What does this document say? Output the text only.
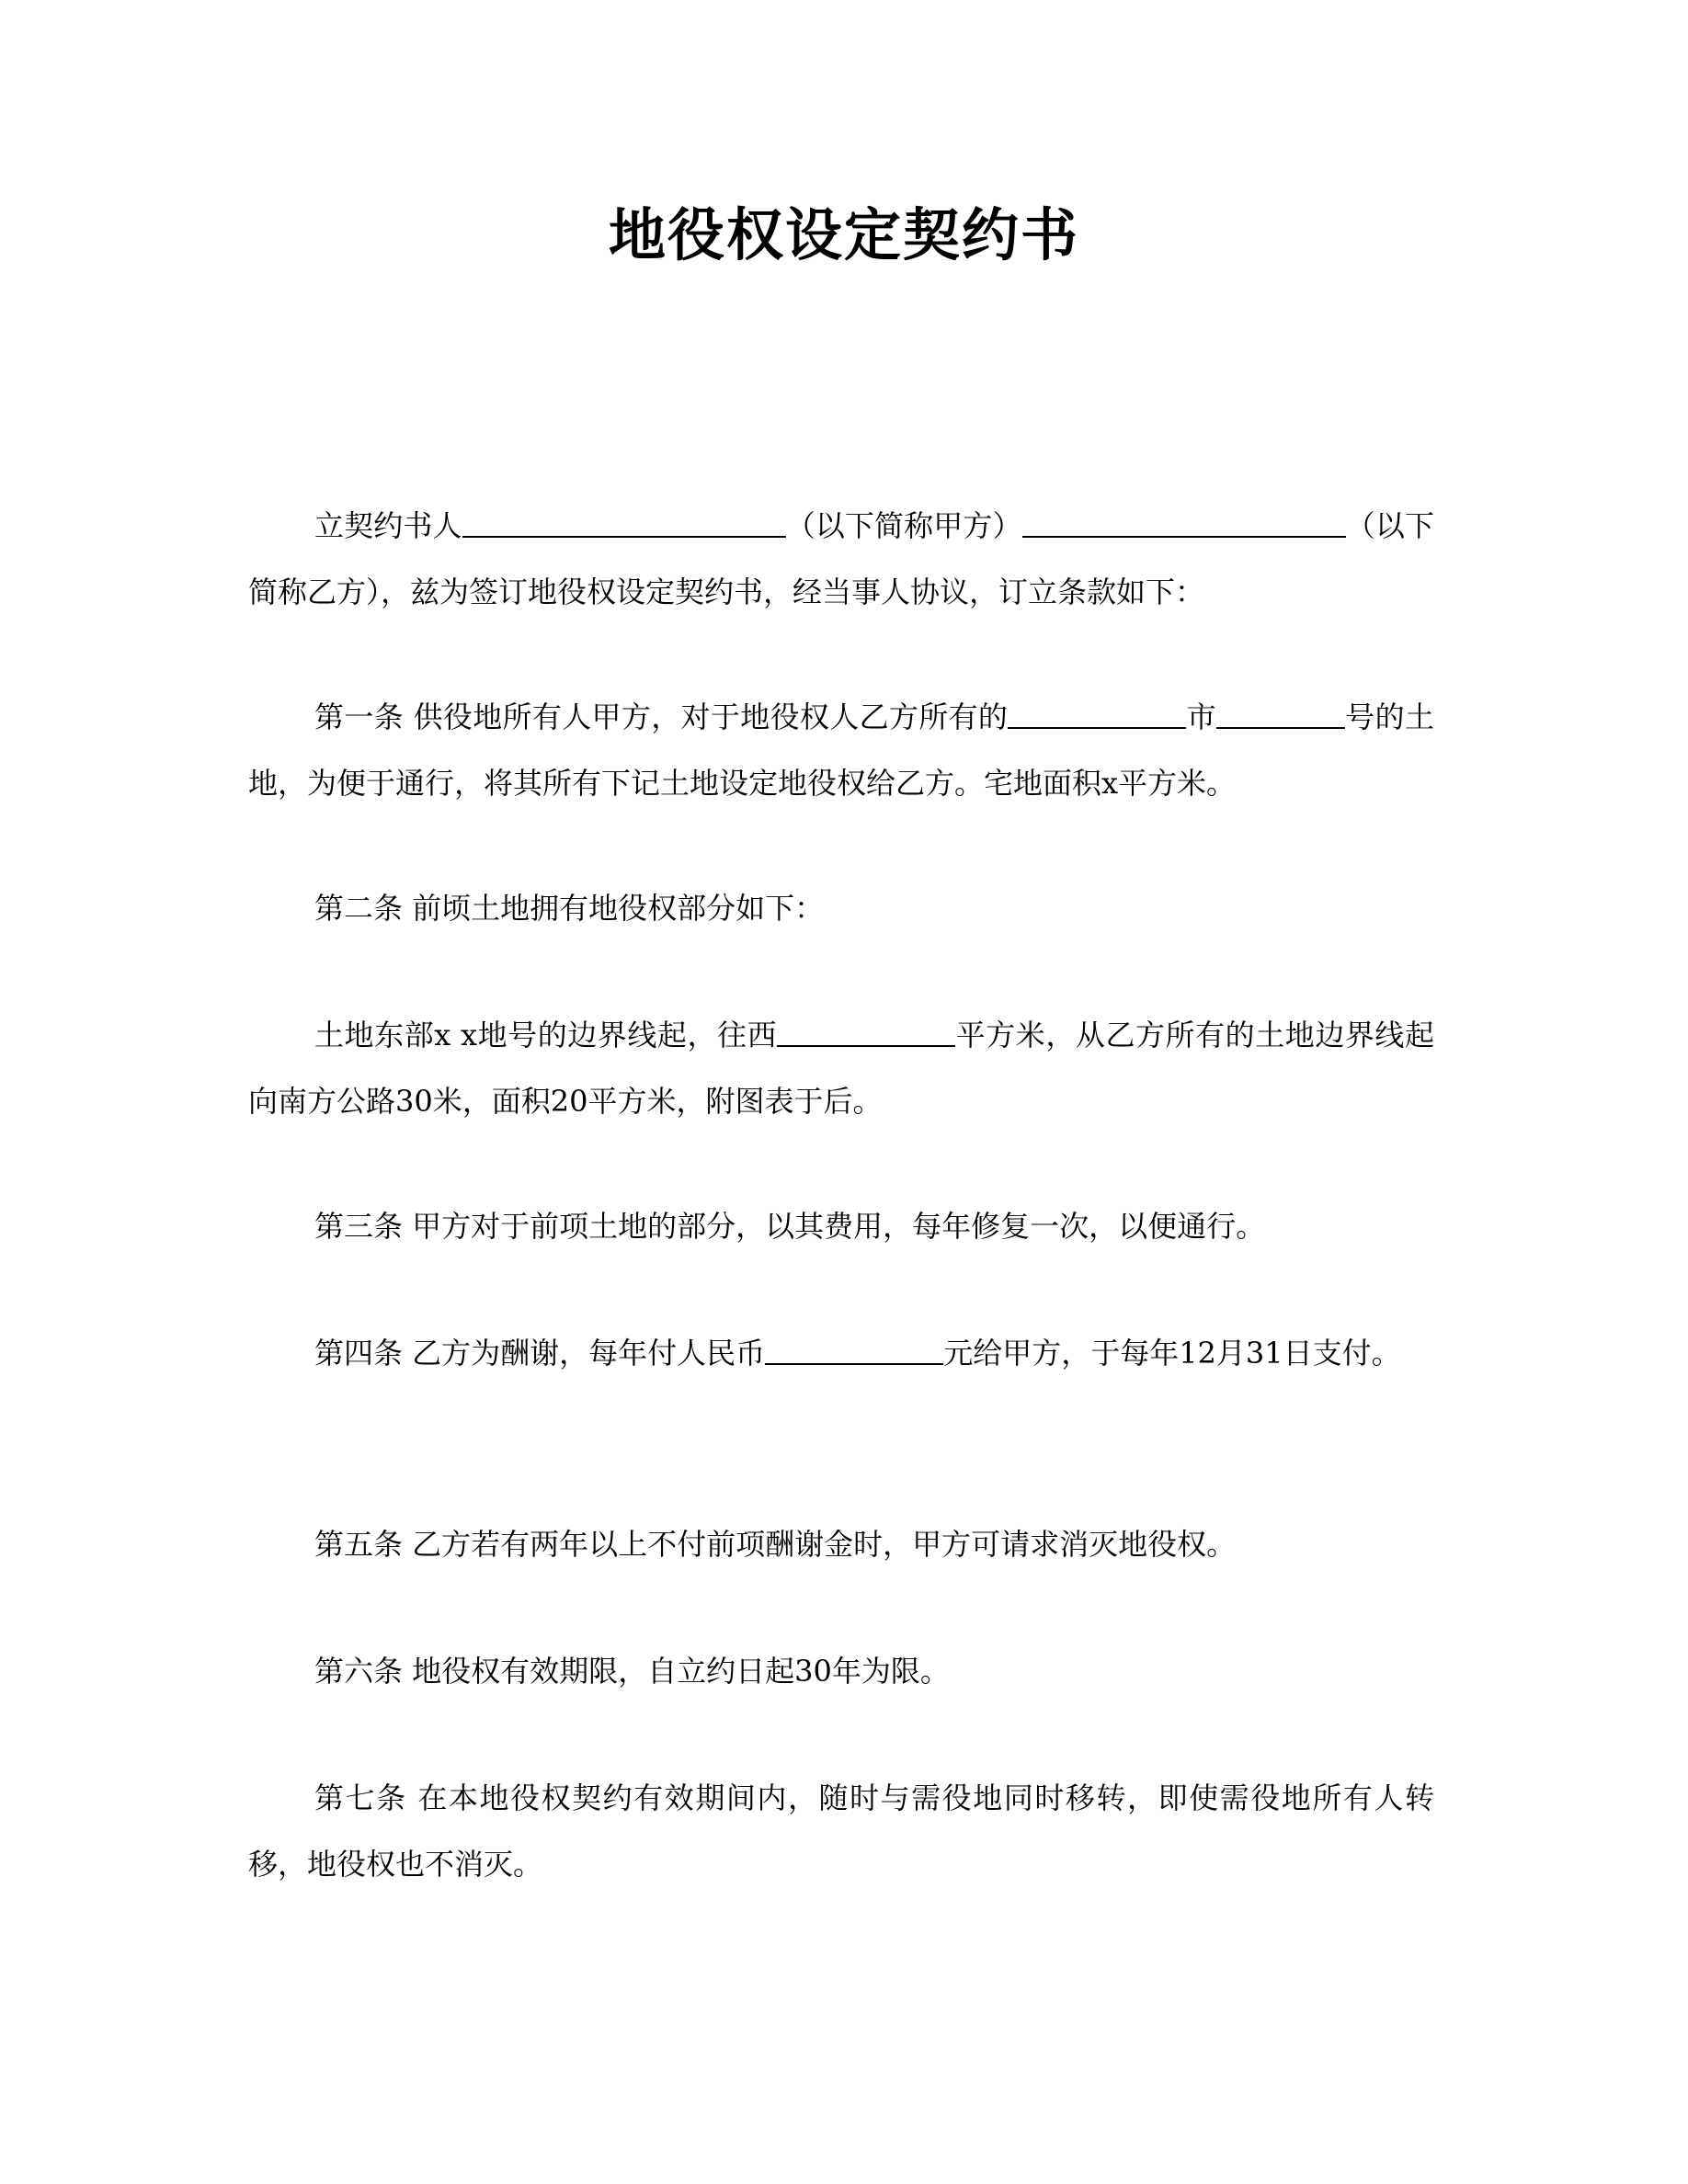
地役权设定契约书

立契约书人	（以下简称甲方）	（以下简称乙方），兹为签订地役权设定契约书，经当事人协议，订立条款如下：

第一条 供役地所有人甲方，对于地役权人乙方所有的	市	号的土地，为便于通行，将其所有下记土地设定地役权给乙方。宅地面积x平方米。

第二条 前顷土地拥有地役权部分如下：

土地东部x x地号的边界线起，往西	平方米，从乙方所有的土地边界线起向南方公路30米，面积20平方米，附图表于后。

第三条 甲方对于前项土地的部分，以其费用，每年修复一次，以便通行。

第四条 乙方为酬谢，每年付人民币	元给甲方，于每年12月31日支付。

第五条 乙方若有两年以上不付前项酬谢金时，甲方可请求消灭地役权。

第六条 地役权有效期限，自立约日起30年为限。

第七条 在本地役权契约有效期间内，随时与需役地同时移转，即使需役地所有人转移，地役权也不消灭。
